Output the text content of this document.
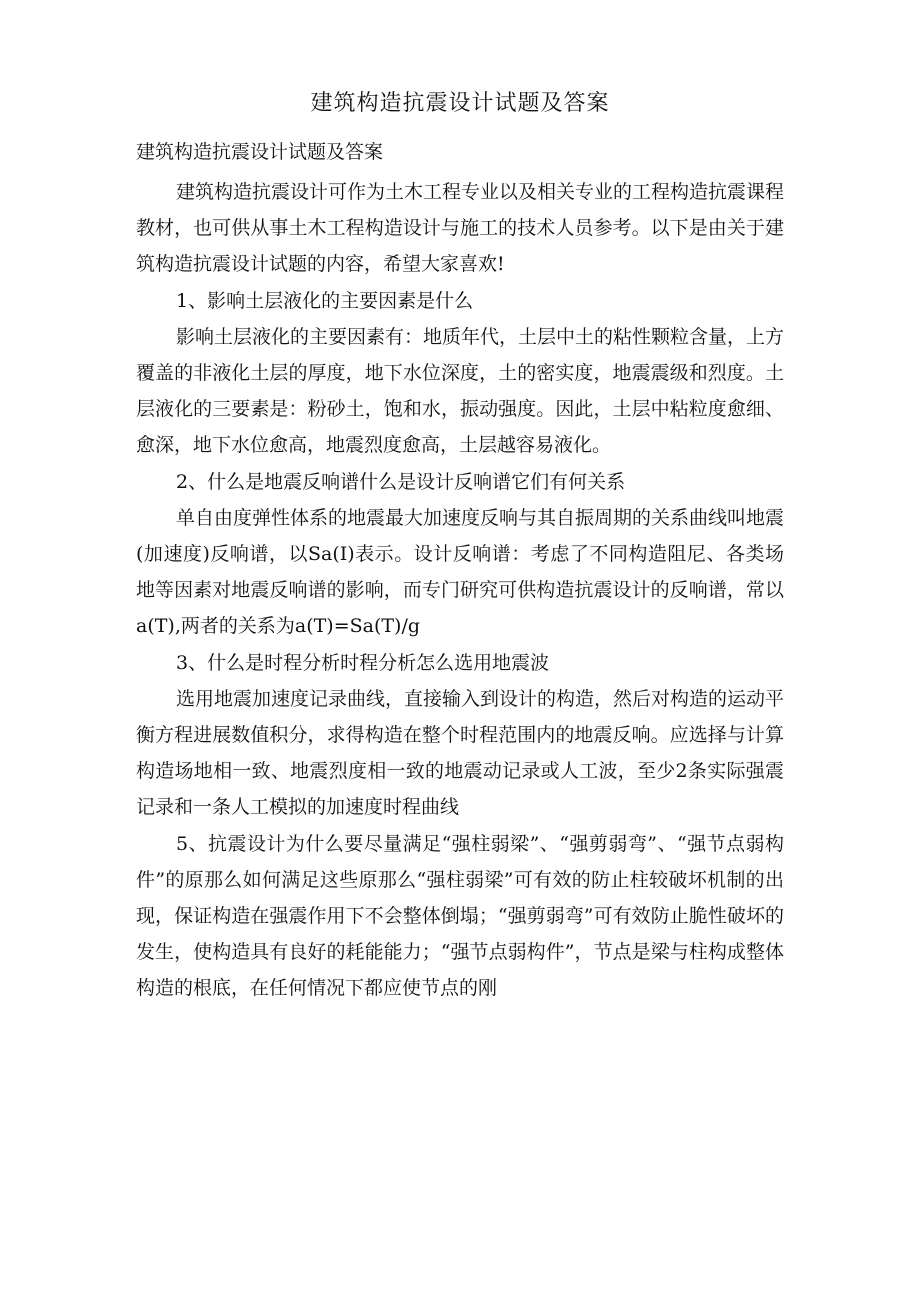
建筑构造抗震设计试题及答案

建筑构造抗震设计试题及答案

建筑构造抗震设计可作为土木工程专业以及相关专业的工程构造抗震课程教材，也可供从事土木工程构造设计与施工的技术人员参考。以下是由关于建筑构造抗震设计试题的内容，希望大家喜欢!

1、影响土层液化的主要因素是什么

影响土层液化的主要因素有：地质年代，土层中土的粘性颗粒含量，上方覆盖的非液化土层的厚度，地下水位深度，土的密实度，地震震级和烈度。土层液化的三要素是：粉砂土，饱和水，振动强度。因此，土层中粘粒度愈细、愈深，地下水位愈高，地震烈度愈高，土层越容易液化。

2、什么是地震反响谱什么是设计反响谱它们有何关系

单自由度弹性体系的地震最大加速度反响与其自振周期的关系曲线叫地震(加速度)反响谱，以Sa(I)表示。设计反响谱：考虑了不同构造阻尼、各类场地等因素对地震反响谱的影响，而专门研究可供构造抗震设计的反响谱，常以a(T),两者的关系为a(T)=Sa(T)/g

3、什么是时程分析时程分析怎么选用地震波

选用地震加速度记录曲线，直接输入到设计的构造，然后对构造的运动平衡方程进展数值积分，求得构造在整个时程范围内的地震反响。应选择与计算构造场地相一致、地震烈度相一致的地震动记录或人工波，至少2条实际强震记录和一条人工模拟的加速度时程曲线

5、抗震设计为什么要尽量满足“强柱弱梁”、“强剪弱弯”、“强节点弱构件”的原那么如何满足这些原那么“强柱弱梁”可有效的防止柱较破坏机制的出现，保证构造在强震作用下不会整体倒塌；“强剪弱弯”可有效防止脆性破坏的发生，使构造具有良好的耗能能力；“强节点弱构件”，节点是梁与柱构成整体构造的根底，在任何情况下都应使节点的刚
